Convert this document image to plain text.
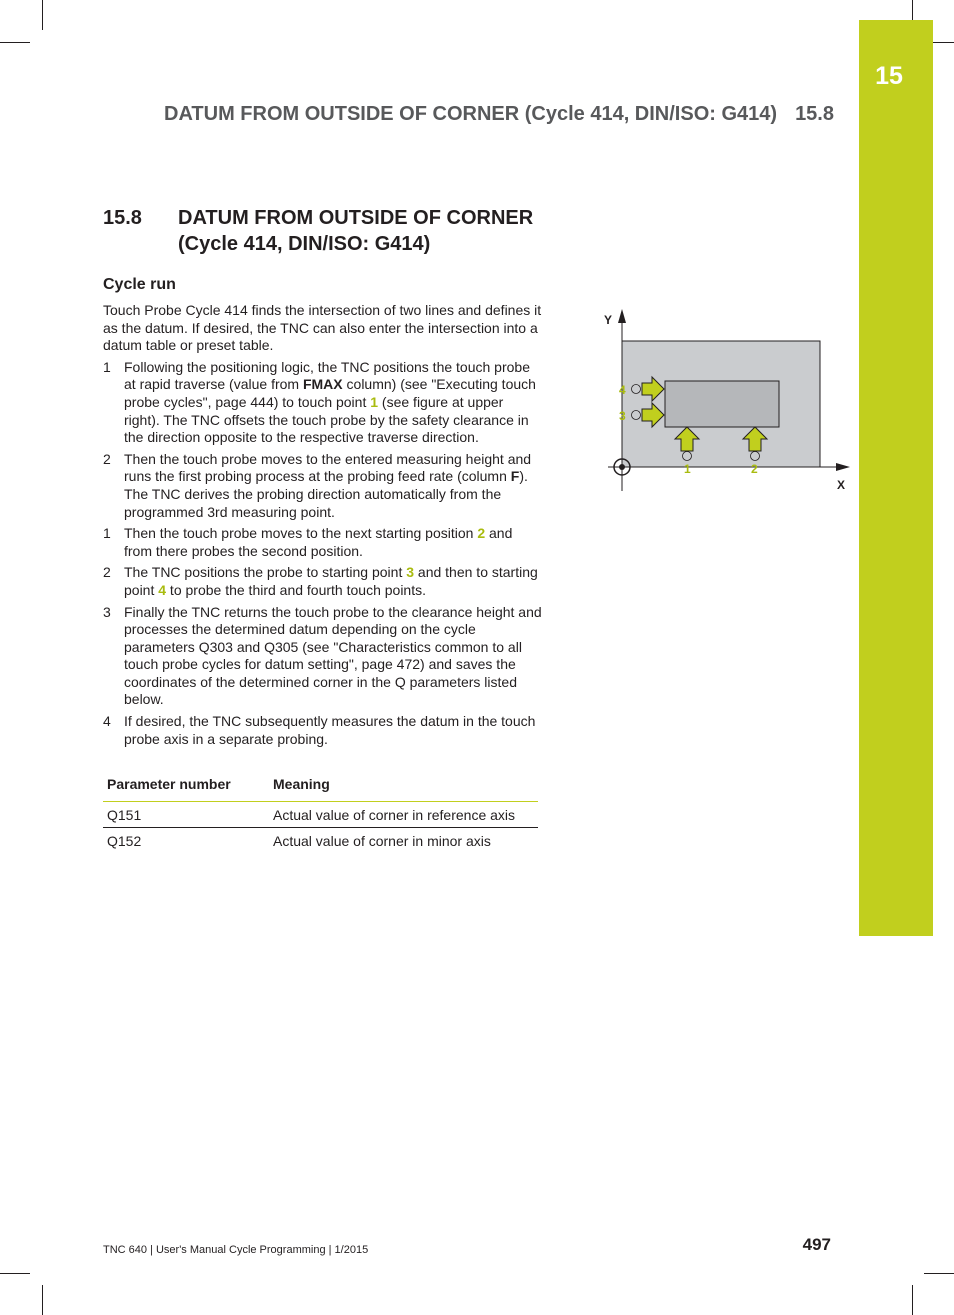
15
DATUM FROM OUTSIDE OF CORNER (Cycle 414, DIN/ISO: G414) 15.8
15.8 DATUM FROM OUTSIDE OF CORNER (Cycle 414, DIN/ISO: G414)
Cycle run

Touch Probe Cycle 414 finds the intersection of two lines and defines it as the datum. If desired, the TNC can also enter the intersection into a datum table or preset table.

1 Following the positioning logic, the TNC positions the touch probe at rapid traverse (value from FMAX column) (see "Executing touch probe cycles", page 444) to touch point 1 (see figure at upper right). The TNC offsets the touch probe by the safety clearance in the direction opposite to the respective traverse direction.
2 Then the touch probe moves to the entered measuring height and runs the first probing process at the probing feed rate (column F). The TNC derives the probing direction automatically from the programmed 3rd measuring point.
1 Then the touch probe moves to the next starting position 2 and from there probes the second position.
2 The TNC positions the probe to starting point 3 and then to starting point 4 to probe the third and fourth touch points.
3 Finally the TNC returns the touch probe to the clearance height and processes the determined datum depending on the cycle parameters Q303 and Q305 (see "Characteristics common to all touch probe cycles for datum setting", page 472) and saves the coordinates of the determined corner in the Q parameters listed below.
4 If desired, the TNC subsequently measures the datum in the touch probe axis in a separate probing.
Parameter number	Meaning
Q151	Actual value of corner in reference axis
Q152	Actual value of corner in minor axis
Y
X
4
3
1	2
TNC 640 | User's Manual Cycle Programming | 1/2015	497
